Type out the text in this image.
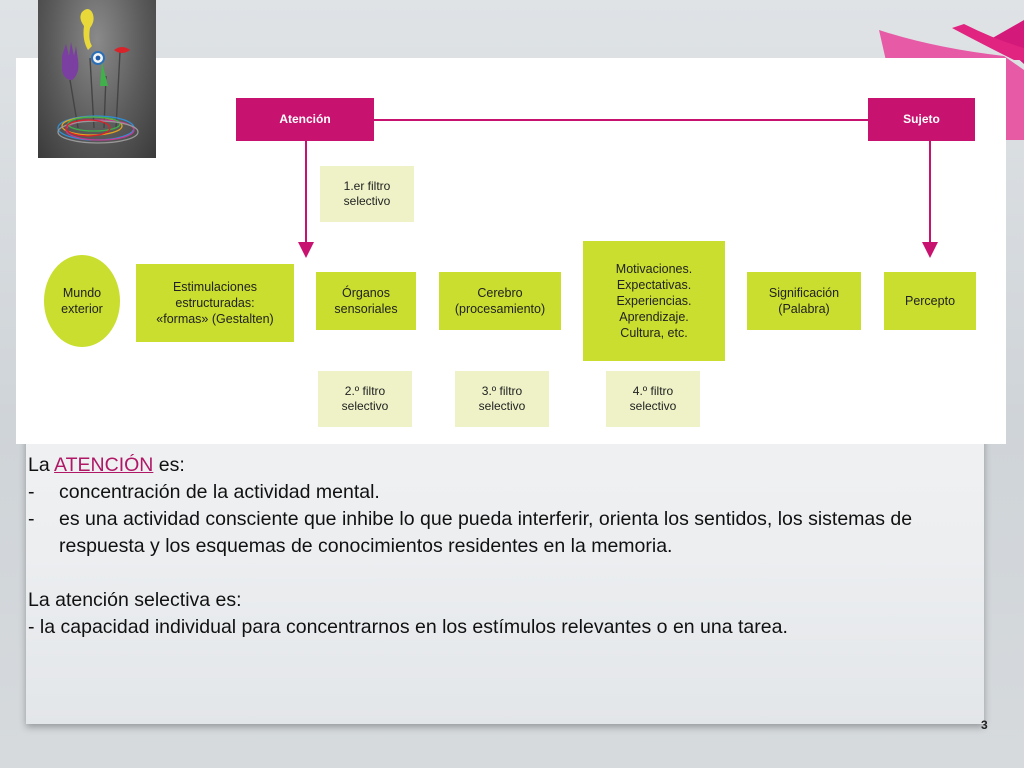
Atención	Sujeto
1.er filtro
selectivo
Mundo
exterior
Estimulaciones
estructuradas:
«formas» (Gestalten)
Órganos
sensoriales
Cerebro
(procesamiento)
Motivaciones.
Expectativas.
Experiencias.
Aprendizaje.
Cultura, etc.
Significación
(Palabra)
Percepto
2.º filtro
selectivo
3.º filtro
selectivo
4.º filtro
selectivo
La ATENCIÓN es:
-	concentración de la actividad mental.
-	es una actividad consciente que inhibe lo que pueda interferir, orienta los sentidos, los sistemas de respuesta y los esquemas de conocimientos residentes en la memoria.
La atención selectiva es:
- la capacidad individual para concentrarnos en los estímulos relevantes o en una tarea.
3
